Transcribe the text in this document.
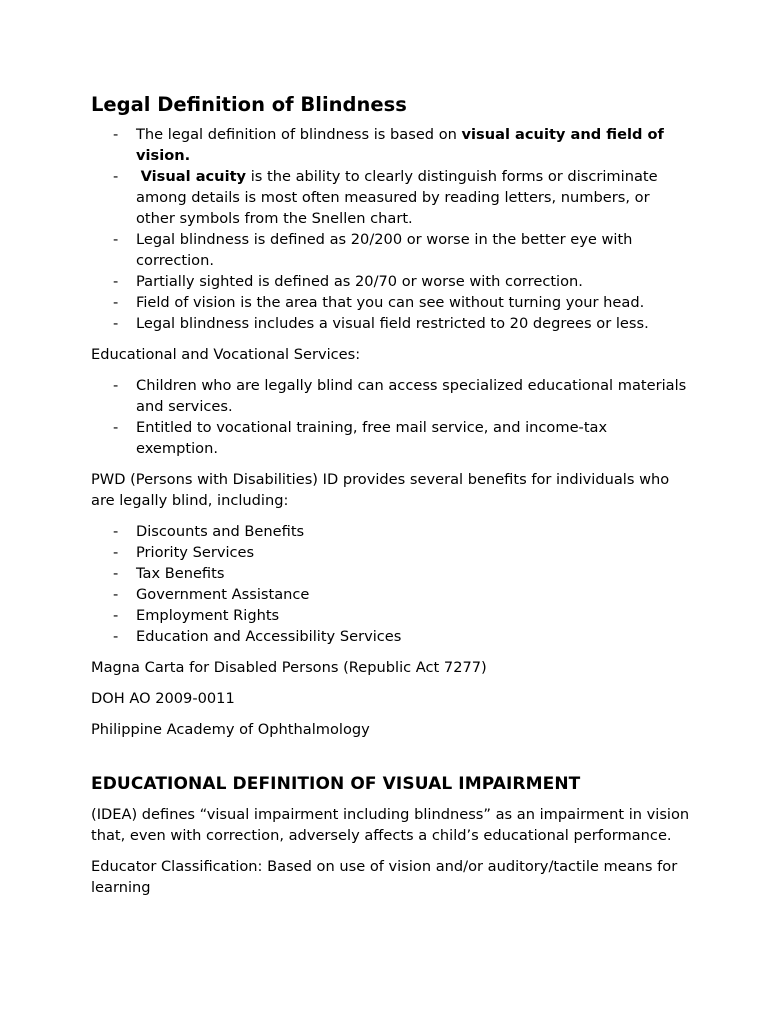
Legal Definition of Blindness
- The legal definition of blindness is based on visual acuity and field of vision.
- Visual acuity is the ability to clearly distinguish forms or discriminate among details is most often measured by reading letters, numbers, or other symbols from the Snellen chart.
- Legal blindness is defined as 20/200 or worse in the better eye with correction.
- Partially sighted is defined as 20/70 or worse with correction.
- Field of vision is the area that you can see without turning your head.
- Legal blindness includes a visual field restricted to 20 degrees or less.

Educational and Vocational Services:

- Children who are legally blind can access specialized educational materials and services.
- Entitled to vocational training, free mail service, and income-tax exemption.

PWD (Persons with Disabilities) ID provides several benefits for individuals who are legally blind, including:

- Discounts and Benefits
- Priority Services
- Tax Benefits
- Government Assistance
- Employment Rights
- Education and Accessibility Services

Magna Carta for Disabled Persons (Republic Act 7277)

DOH AO 2009-0011

Philippine Academy of Ophthalmology

EDUCATIONAL DEFINITION OF VISUAL IMPAIRMENT

(IDEA) defines “visual impairment including blindness” as an impairment in vision that, even with correction, adversely affects a child’s educational performance.

Educator Classification: Based on use of vision and/or auditory/tactile means for learning
